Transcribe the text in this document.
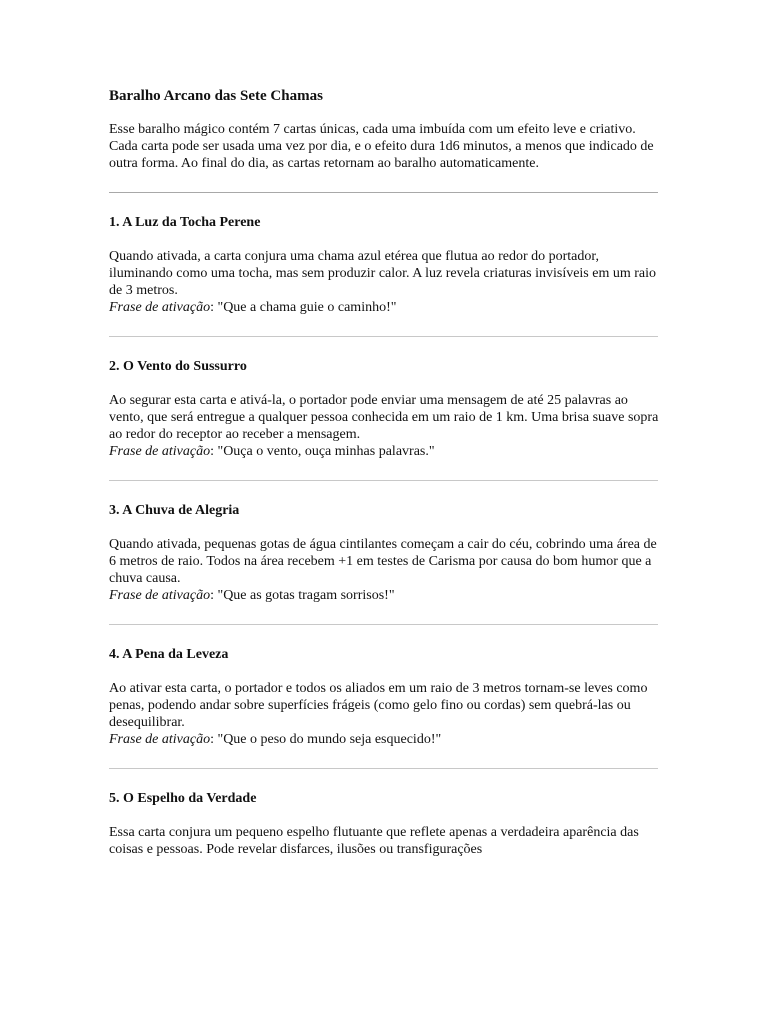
Baralho Arcano das Sete Chamas

Esse baralho mágico contém 7 cartas únicas, cada uma imbuída com um efeito leve e criativo. Cada carta pode ser usada uma vez por dia, e o efeito dura 1d6 minutos, a menos que indicado de outra forma. Ao final do dia, as cartas retornam ao baralho automaticamente.

1. A Luz da Tocha Perene

Quando ativada, a carta conjura uma chama azul etérea que flutua ao redor do portador, iluminando como uma tocha, mas sem produzir calor. A luz revela criaturas invisíveis em um raio de 3 metros.

Frase de ativação: "Que a chama guie o caminho!"

2. O Vento do Sussurro

Ao segurar esta carta e ativá-la, o portador pode enviar uma mensagem de até 25 palavras ao vento, que será entregue a qualquer pessoa conhecida em um raio de 1 km. Uma brisa suave sopra ao redor do receptor ao receber a mensagem.

Frase de ativação: "Ouça o vento, ouça minhas palavras."

3. A Chuva de Alegria

Quando ativada, pequenas gotas de água cintilantes começam a cair do céu, cobrindo uma área de 6 metros de raio. Todos na área recebem +1 em testes de Carisma por causa do bom humor que a chuva causa.

Frase de ativação: "Que as gotas tragam sorrisos!"

4. A Pena da Leveza

Ao ativar esta carta, o portador e todos os aliados em um raio de 3 metros tornam-se leves como penas, podendo andar sobre superfícies frágeis (como gelo fino ou cordas) sem quebrá-las ou desequilibrar.

Frase de ativação: "Que o peso do mundo seja esquecido!"

5. O Espelho da Verdade

Essa carta conjura um pequeno espelho flutuante que reflete apenas a verdadeira aparência das coisas e pessoas. Pode revelar disfarces, ilusões ou transfigurações
